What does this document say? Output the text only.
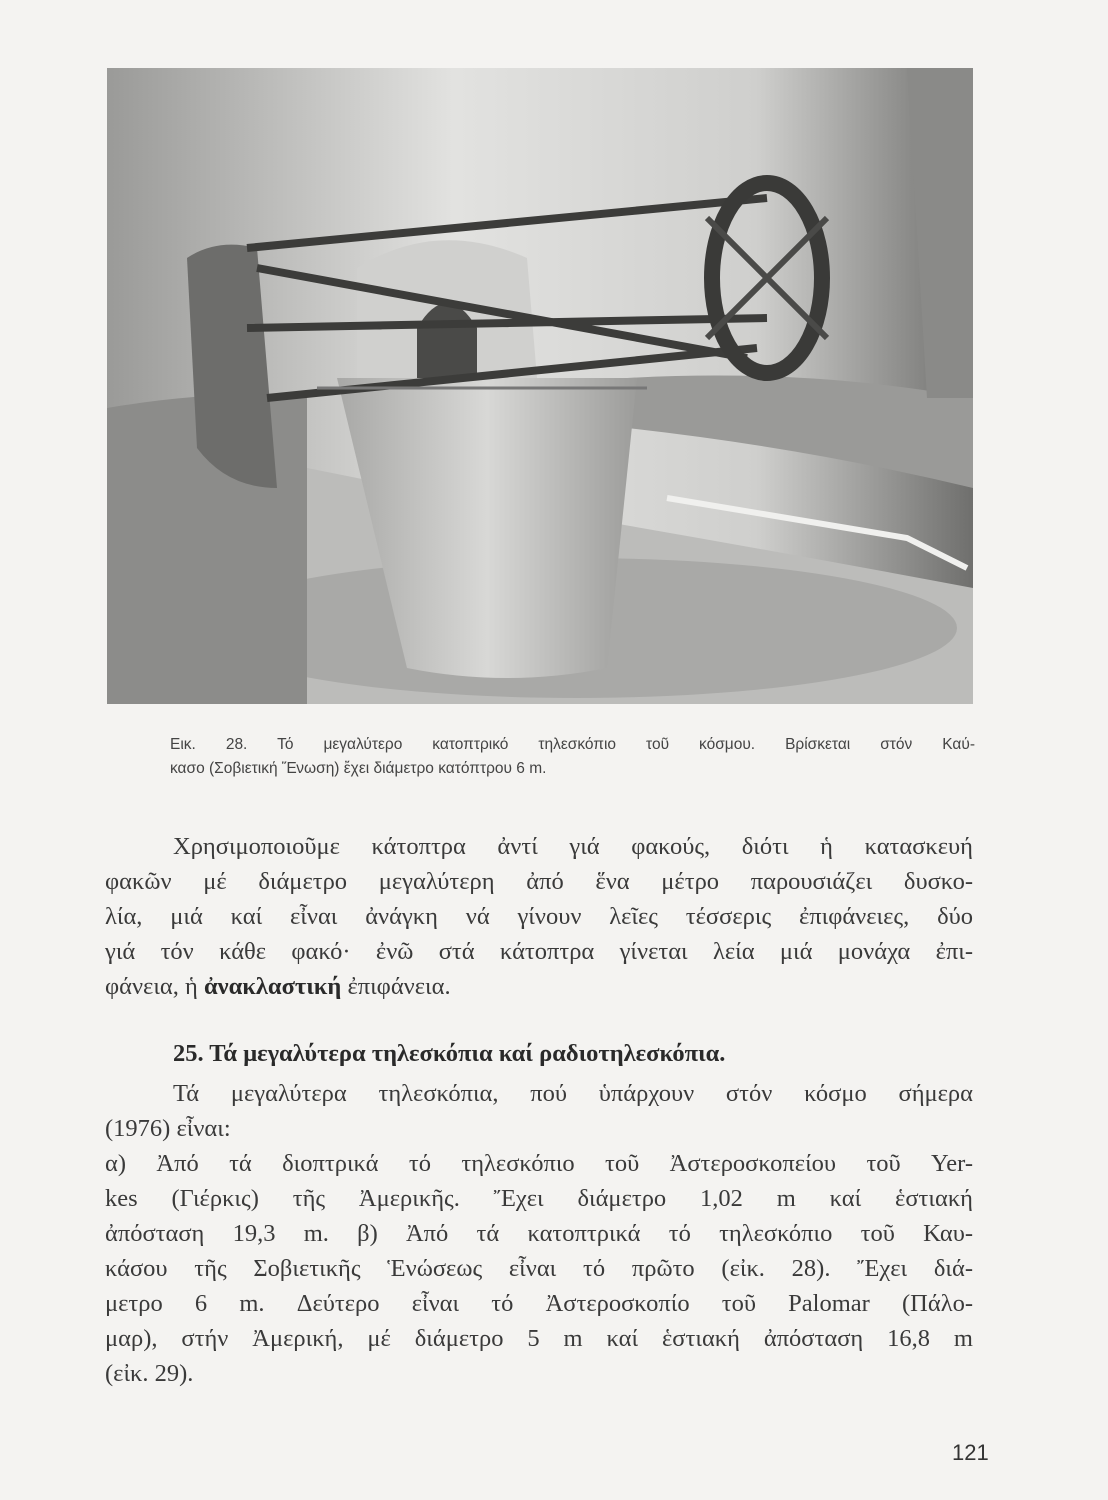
Εικ. 28. Τό μεγαλύτερο κατοπτρικό τηλεσκόπιο τοῦ κόσμου. Βρίσκεται στόν Καύ-
κασο (Σοβιετική Ἕνωση) ἔχει διάμετρο κατόπτρου 6 m.
Χρησιμοποιοῦμε κάτοπτρα ἀντί γιά φακούς, διότι ἡ κατασκευή
φακῶν μέ διάμετρο μεγαλύτερη ἀπό ἕνα μέτρο παρουσιάζει δυσκο-
λία, μιά καί εἶναι ἀνάγκη νά γίνουν λεῖες τέσσερις ἐπιφάνειες, δύο
γιά τόν κάθε φακό· ἐνῶ στά κάτοπτρα γίνεται λεία μιά μονάχα ἐπι-
φάνεια, ἡ ἀνακλαστική ἐπιφάνεια.
25. Τά μεγαλύτερα τηλεσκόπια καί ραδιοτηλεσκόπια.
Τά μεγαλύτερα τηλεσκόπια, πού ὑπάρχουν στόν κόσμο σήμερα
(1976) εἶναι:
α) Ἀπό τά διοπτρικά τό τηλεσκόπιο τοῦ Ἀστεροσκοπείου τοῦ Yer-
kes (Γιέρκις) τῆς Ἀμερικῆς. Ἔχει διάμετρο 1,02 m καί ἑστιακή
ἀπόσταση 19,3 m. β) Ἀπό τά κατοπτρικά τό τηλεσκόπιο τοῦ Καυ-
κάσου τῆς Σοβιετικῆς Ἑνώσεως εἶναι τό πρῶτο (εἰκ. 28). Ἔχει διά-
μετρο 6 m. Δεύτερο εἶναι τό Ἀστεροσκοπίο τοῦ Palomar (Πάλο-
μαρ), στήν Ἀμερική, μέ διάμετρο 5 m καί ἑστιακή ἀπόσταση 16,8 m
(εἰκ. 29).
121
